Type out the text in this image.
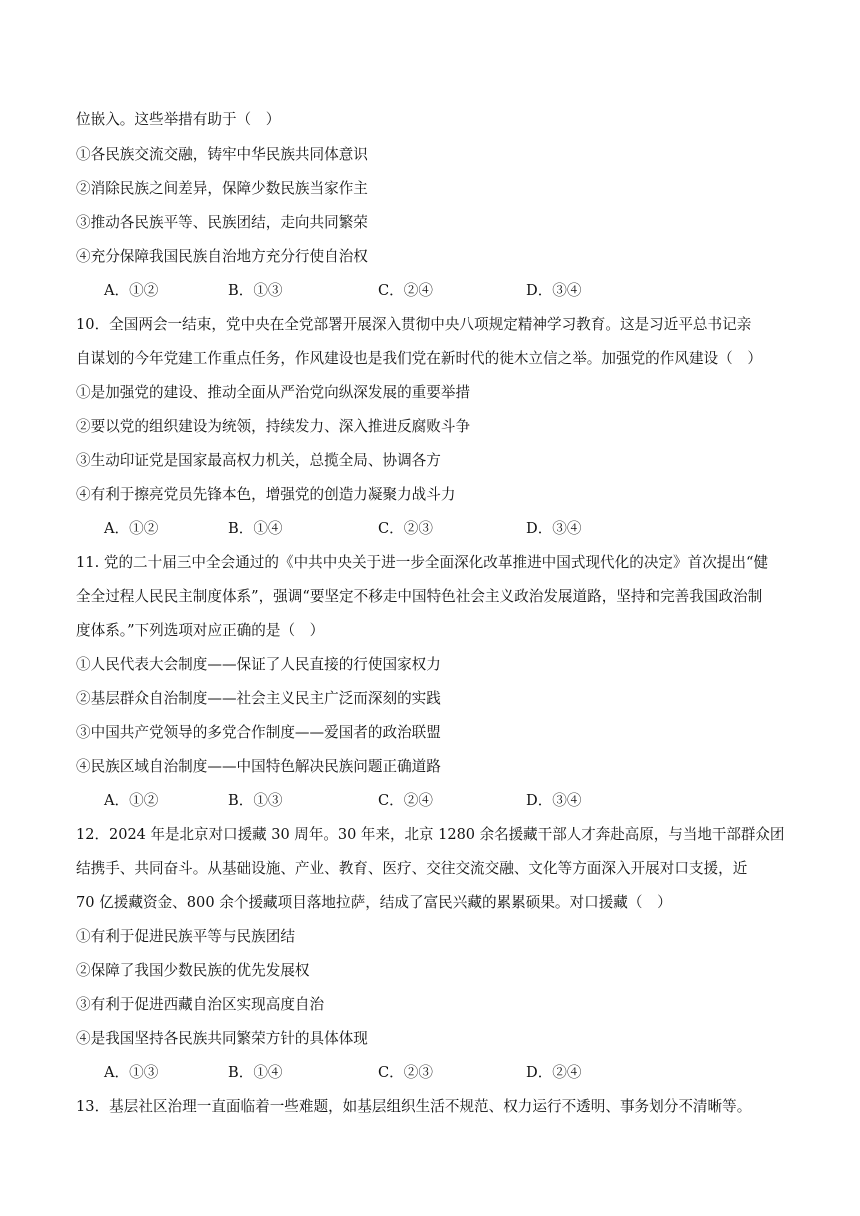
位嵌入。这些举措有助于（　）
①各民族交流交融，铸牢中华民族共同体意识
②消除民族之间差异，保障少数民族当家作主
③推动各民族平等、民族团结，走向共同繁荣
④充分保障我国民族自治地方充分行使自治权
A．①②	B．①③	C．②④	D．③④
10．全国两会一结束，党中央在全党部署开展深入贯彻中央八项规定精神学习教育。这是习近平总书记亲
自谋划的今年党建工作重点任务，作风建设也是我们党在新时代的徙木立信之举。加强党的作风建设（　）
①是加强党的建设、推动全面从严治党向纵深发展的重要举措
②要以党的组织建设为统领，持续发力、深入推进反腐败斗争
③生动印证党是国家最高权力机关，总揽全局、协调各方
④有利于擦亮党员先锋本色，增强党的创造力凝聚力战斗力
A．①②	B．①④	C．②③	D．③④
11. 党的二十届三中全会通过的《中共中央关于进一步全面深化改革推进中国式现代化的决定》首次提出“健
全全过程人民民主制度体系”，强调“要坚定不移走中国特色社会主义政治发展道路，坚持和完善我国政治制
度体系。”下列选项对应正确的是（　）
①人民代表大会制度——保证了人民直接的行使国家权力
②基层群众自治制度——社会主义民主广泛而深刻的实践
③中国共产党领导的多党合作制度——爱国者的政治联盟
④民族区域自治制度——中国特色解决民族问题正确道路
A．①②	B．①③	C．②④	D．③④
12．2024 年是北京对口援藏 30 周年。30 年来，北京 1280 余名援藏干部人才奔赴高原，与当地干部群众团
结携手、共同奋斗。从基础设施、产业、教育、医疗、交往交流交融、文化等方面深入开展对口支援，近
70 亿援藏资金、800 余个援藏项目落地拉萨，结成了富民兴藏的累累硕果。对口援藏（　）
①有利于促进民族平等与民族团结
②保障了我国少数民族的优先发展权
③有利于促进西藏自治区实现高度自治
④是我国坚持各民族共同繁荣方针的具体体现
A．①③	B．①④	C．②③	D．②④
13．基层社区治理一直面临着一些难题，如基层组织生活不规范、权力运行不透明、事务划分不清晰等。
